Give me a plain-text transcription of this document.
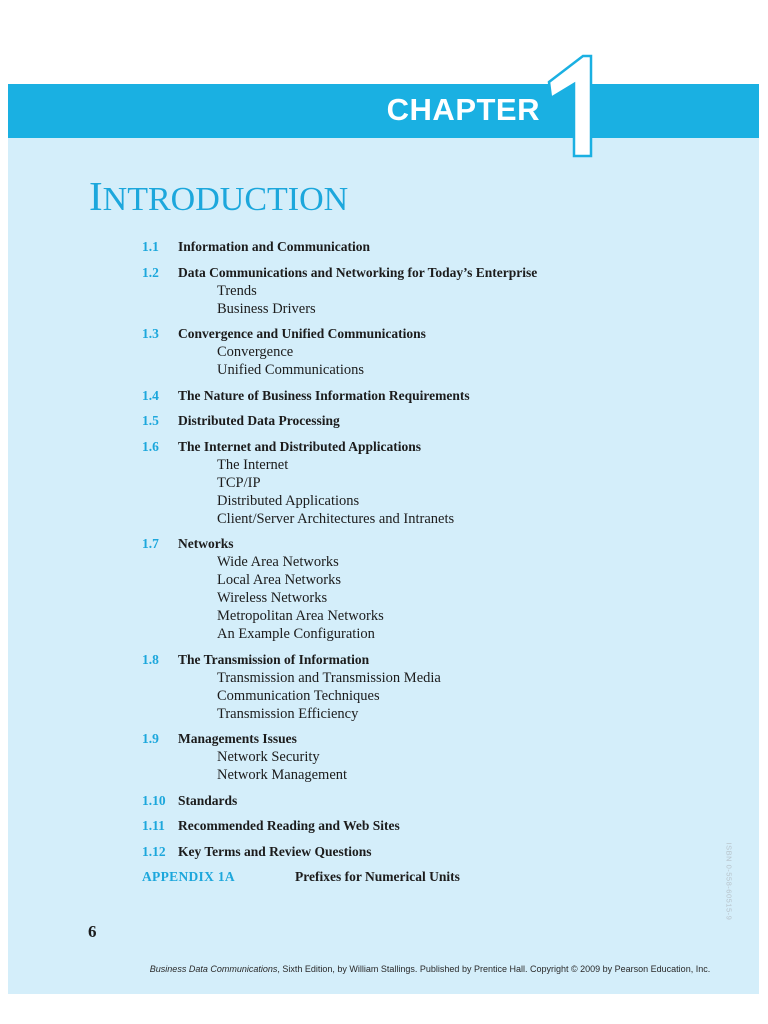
CHAPTER
INTRODUCTION
1.1 Information and Communication
1.2 Data Communications and Networking for Today’s Enterprise
Trends
Business Drivers
1.3 Convergence and Unified Communications
Convergence
Unified Communications
1.4 The Nature of Business Information Requirements
1.5 Distributed Data Processing
1.6 The Internet and Distributed Applications
The Internet
TCP/IP
Distributed Applications
Client/Server Architectures and Intranets
1.7 Networks
Wide Area Networks
Local Area Networks
Wireless Networks
Metropolitan Area Networks
An Example Configuration
1.8 The Transmission of Information
Transmission and Transmission Media
Communication Techniques
Transmission Efficiency
1.9 Managements Issues
Network Security
Network Management
1.10 Standards
1.11 Recommended Reading and Web Sites
1.12 Key Terms and Review Questions
APPENDIX 1A	Prefixes for Numerical Units
6
ISBN 0-558-60515-9
Business Data Communications, Sixth Edition, by William Stallings. Published by Prentice Hall. Copyright © 2009 by Pearson Education, Inc.
